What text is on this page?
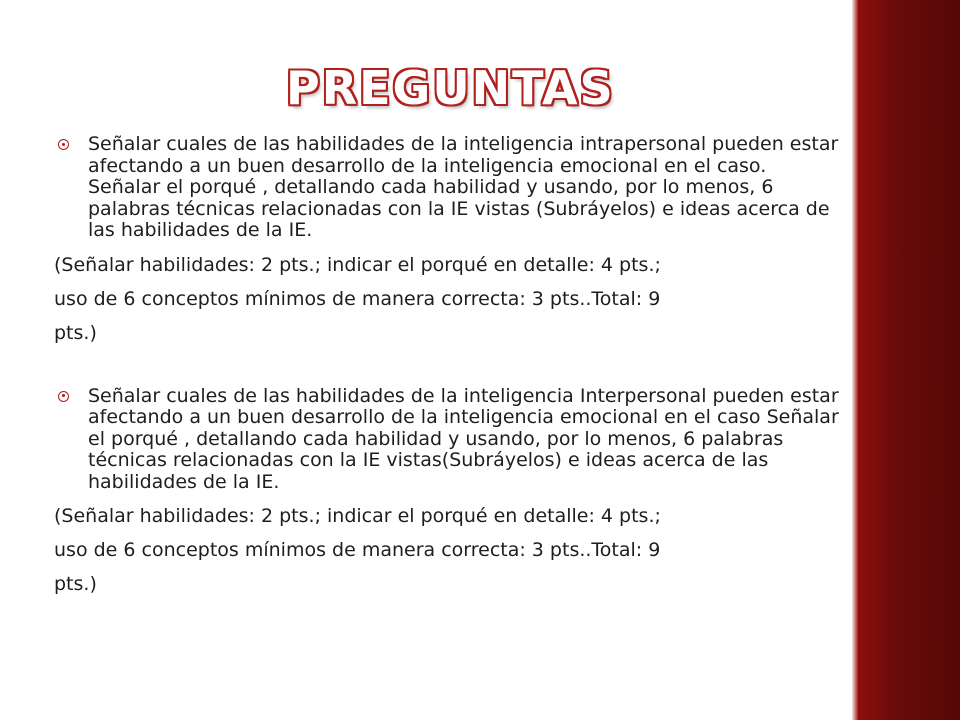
PREGUNTAS

Señalar cuales de las habilidades de la inteligencia intrapersonal pueden estar afectando a un buen desarrollo de la inteligencia emocional en el caso. Señalar el porqué , detallando cada habilidad y usando, por lo menos, 6 palabras técnicas relacionadas con la IE vistas (Subráyelos) e ideas acerca de las habilidades de la IE.

(Señalar habilidades: 2 pts.; indicar el porqué en detalle: 4 pts.;

uso de 6 conceptos mínimos de manera correcta: 3 pts..Total: 9

pts.)

Señalar cuales de las habilidades de la inteligencia Interpersonal pueden estar afectando a un buen desarrollo de la inteligencia emocional en el caso Señalar el porqué , detallando cada habilidad y usando, por lo menos, 6 palabras técnicas relacionadas con la IE vistas(Subráyelos) e ideas acerca de las habilidades de la IE.

(Señalar habilidades: 2 pts.; indicar el porqué en detalle: 4 pts.;

uso de 6 conceptos mínimos de manera correcta: 3 pts..Total: 9

pts.)
